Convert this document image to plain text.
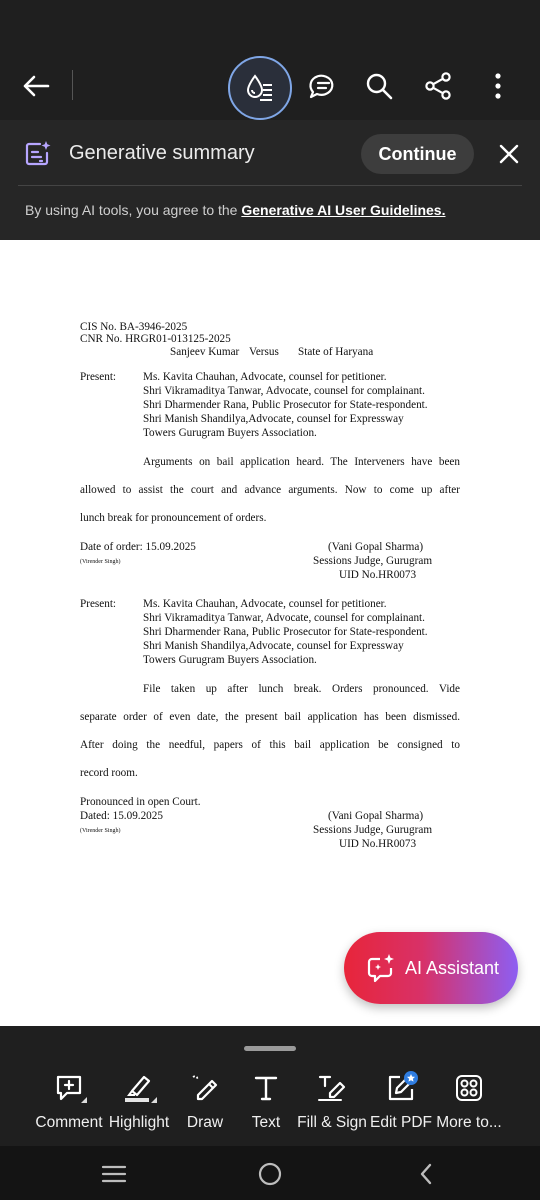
Generative summary	Continue
By using AI tools, you agree to the Generative AI User Guidelines.
CIS No. BA-3946-2025
CNR No. HRGR01-013125-2025
Sanjeev Kumar Versus State of Haryana
Present: Ms. Kavita Chauhan, Advocate, counsel for petitioner.
Shri Vikramaditya Tanwar, Advocate, counsel for complainant.
Shri Dharmender Rana, Public Prosecutor for State-respondent.
Shri Manish Shandilya,Advocate, counsel for Expressway
Towers Gurugram Buyers Association.
Arguments on bail application heard. The Interveners have been
allowed to assist the court and advance arguments. Now to come up after
lunch break for pronouncement of orders.
Date of order: 15.09.2025
(Virender Singh)
(Vani Gopal Sharma)
Sessions Judge, Gurugram
UID No.HR0073
Present: Ms. Kavita Chauhan, Advocate, counsel for petitioner.
Shri Vikramaditya Tanwar, Advocate, counsel for complainant.
Shri Dharmender Rana, Public Prosecutor for State-respondent.
Shri Manish Shandilya,Advocate, counsel for Expressway
Towers Gurugram Buyers Association.
File taken up after lunch break. Orders pronounced. Vide
separate order of even date, the present bail application has been dismissed.
After doing the needful, papers of this bail application be consigned to
record room.
Pronounced in open Court.
Dated: 15.09.2025
(Virender Singh)
(Vani Gopal Sharma)
Sessions Judge, Gurugram
UID No.HR0073
AI Assistant
Comment Highlight Draw Text Fill & Sign Edit PDF More to...
